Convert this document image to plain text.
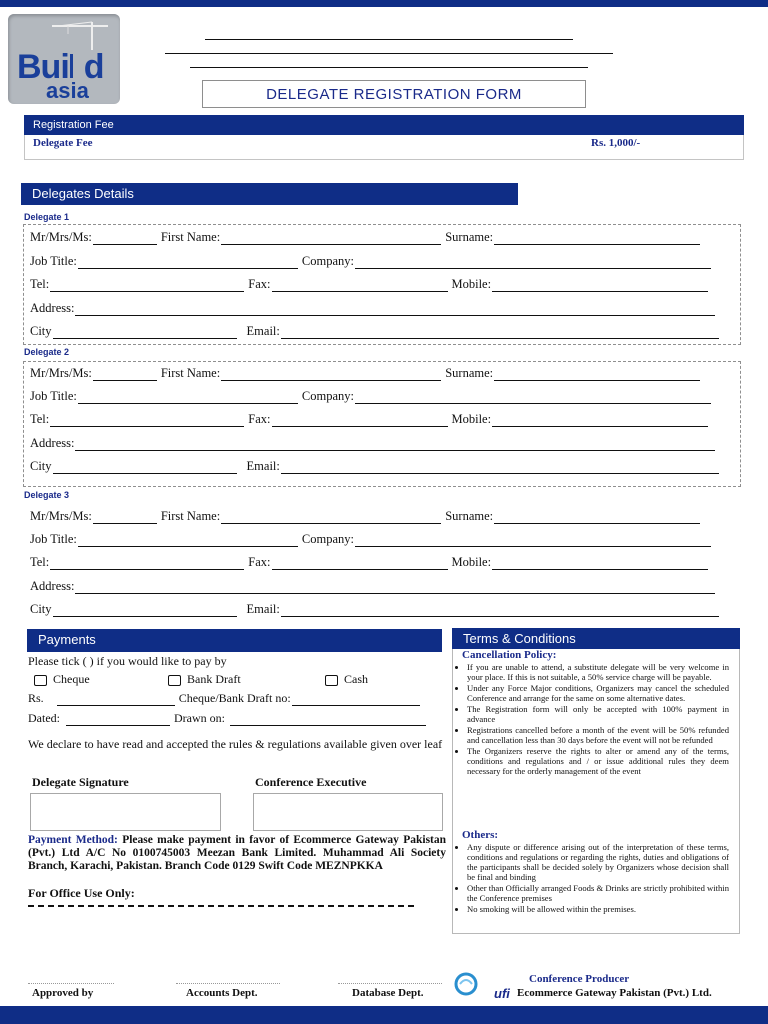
Bui d
asia	DELEGATE REGISTRATION FORM
Registration Fee
Delegate Fee	Rs. 1,000/-
Delegates Details
Delegate 1
Delegate 2
Delegate 3
Mr/Mrs/Ms:	First Name:	Surname:
Job Title:	Company:
Tel:	Fax:	Mobile:
Address:
City	Email:
Mr/Mrs/Ms:	First Name:	Surname:
Job Title:	Company:
Tel:	Fax:	Mobile:
Address:
City	Email:
Mr/Mrs/Ms:	First Name:	Surname:
Job Title:	Company:
Tel:	Fax:	Mobile:
Address:
City	Email:
Payments
Please tick ( ) if you would like to pay by
Cheque	Bank Draft	Cash
Rs.	Cheque/Bank Draft no:
Dated:	Drawn on:
We declare to have read and accepted the rules & regulations available given over leaf
Delegate Signature	Conference Executive
Payment Method: Please make payment in favor of Ecommerce Gateway Pakistan (Pvt.) Ltd A/C No 0100745003 Meezan Bank Limited. Muhammad Ali Society Branch, Karachi, Pakistan. Branch Code 0129 Swift Code MEZNPKKA
For Office Use Only:
Terms & Conditions
Cancellation Policy:
• If you are unable to attend, a substitute delegate will be very welcome in your place. If this is not suitable, a 50% service charge will be payable.
• Under any Force Major conditions, Organizers may cancel the scheduled Conference and arrange for the same on some alternative dates.
• The Registration form will only be accepted with 100% payment in advance
• Registrations cancelled before a month of the event will be 50% refunded and cancellation less than 30 days before the event will not be refunded
• The Organizers reserve the rights to alter or amend any of the terms, conditions and regulations and / or issue additional rules they deem necessary for the orderly management of the event
Others:
• Any dispute or difference arising out of the interpretation of these terms, conditions and regulations or regarding the rights, duties and obligations of the participants shall be decided solely by Organizers whose decision shall be final and binding
• Other than Officially arranged Foods & Drinks are strictly prohibited within the Conference premises
• No smoking will be allowed within the premises.
Approved by	Accounts Dept.	Database Dept.	ufi
Conference Producer
Ecommerce Gateway Pakistan (Pvt.) Ltd.
